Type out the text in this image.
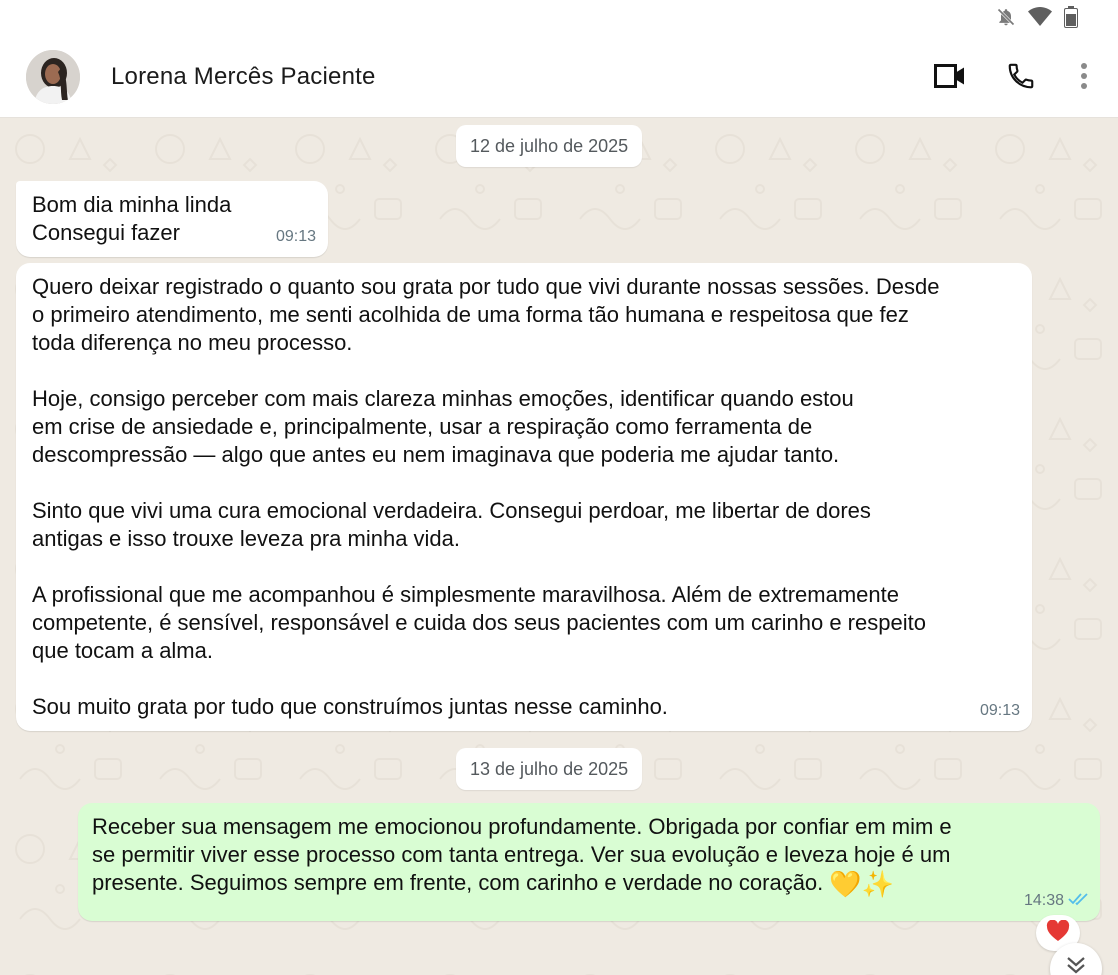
Lorena Mercês Paciente
12 de julho de 2025
Bom dia minha linda
Consegui fazer	09:13
Quero deixar registrado o quanto sou grata por tudo que vivi durante nossas sessões. Desde
o primeiro atendimento, me senti acolhida de uma forma tão humana e respeitosa que fez
toda diferença no meu processo.
Hoje, consigo perceber com mais clareza minhas emoções, identificar quando estou
em crise de ansiedade e, principalmente, usar a respiração como ferramenta de
descompressão — algo que antes eu nem imaginava que poderia me ajudar tanto.
Sinto que vivi uma cura emocional verdadeira. Consegui perdoar, me libertar de dores
antigas e isso trouxe leveza pra minha vida.
A profissional que me acompanhou é simplesmente maravilhosa. Além de extremamente
competente, é sensível, responsável e cuida dos seus pacientes com um carinho e respeito
que tocam a alma.
Sou muito grata por tudo que construímos juntas nesse caminho.	09:13
13 de julho de 2025
Receber sua mensagem me emocionou profundamente. Obrigada por confiar em mim e
se permitir viver esse processo com tanta entrega. Ver sua evolução e leveza hoje é um
presente. Seguimos sempre em frente, com carinho e verdade no coração. 💛✨
14:38
